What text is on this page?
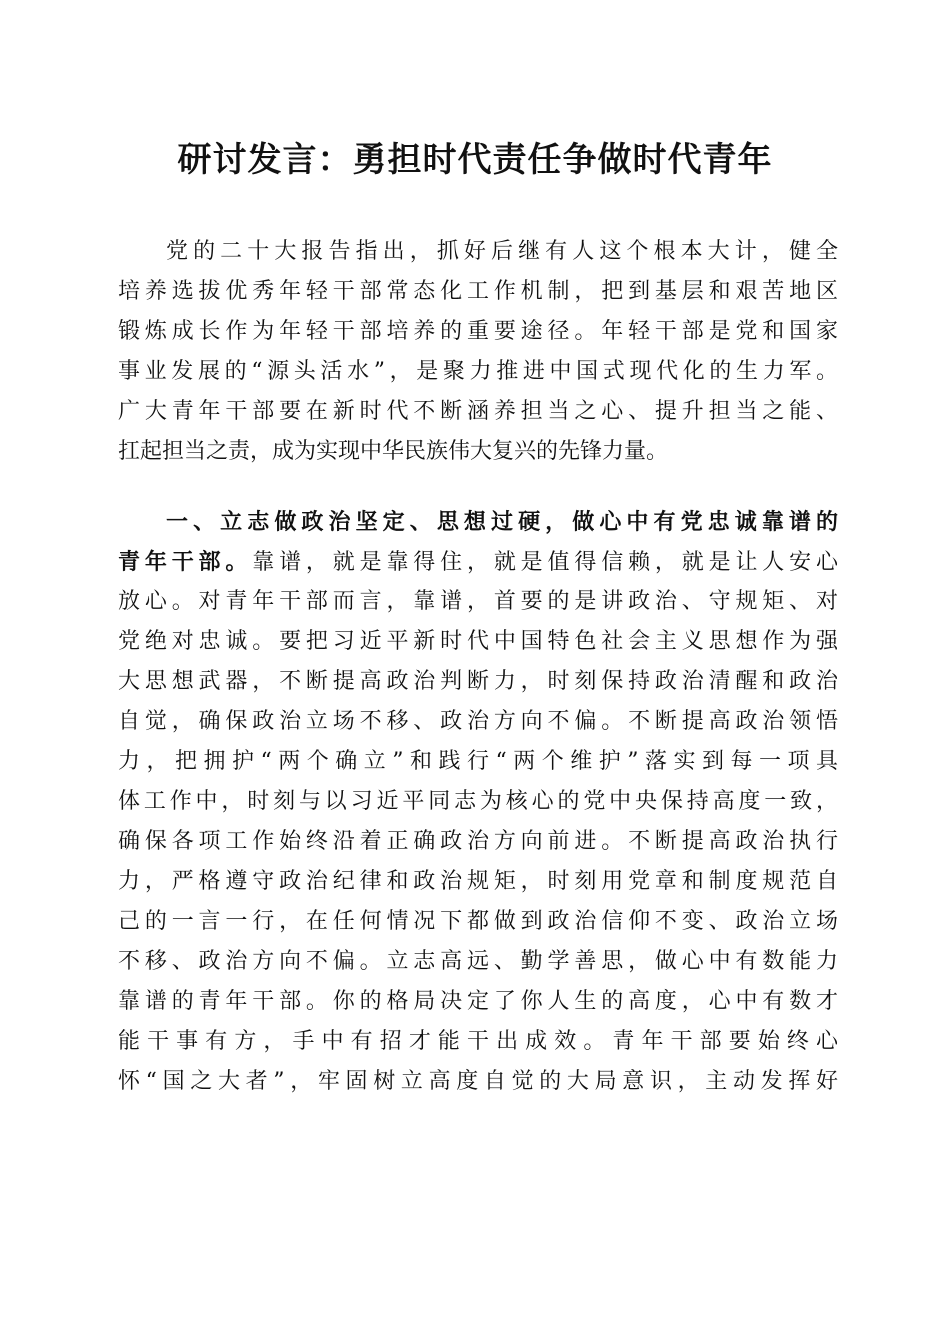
研讨发言：勇担时代责任争做时代青年
党的二十大报告指出，抓好后继有人这个根本大计，健全
培养选拔优秀年轻干部常态化工作机制，把到基层和艰苦地区
锻炼成长作为年轻干部培养的重要途径。年轻干部是党和国家
事业发展的“源头活水”，是聚力推进中国式现代化的生力军。
广大青年干部要在新时代不断涵养担当之心、提升担当之能、
扛起担当之责，成为实现中华民族伟大复兴的先锋力量。
一、立志做政治坚定、思想过硬，做心中有党忠诚靠谱的
青年干部。靠谱，就是靠得住，就是值得信赖，就是让人安心
放心。对青年干部而言，靠谱，首要的是讲政治、守规矩、对
党绝对忠诚。要把习近平新时代中国特色社会主义思想作为强
大思想武器，不断提高政治判断力，时刻保持政治清醒和政治
自觉，确保政治立场不移、政治方向不偏。不断提高政治领悟
力，把拥护“两个确立”和践行“两个维护”落实到每一项具
体工作中，时刻与以习近平同志为核心的党中央保持高度一致，
确保各项工作始终沿着正确政治方向前进。不断提高政治执行
力，严格遵守政治纪律和政治规矩，时刻用党章和制度规范自
己的一言一行，在任何情况下都做到政治信仰不变、政治立场
不移、政治方向不偏。立志高远、勤学善思，做心中有数能力
靠谱的青年干部。你的格局决定了你人生的高度，心中有数才
能干事有方，手中有招才能干出成效。青年干部要始终心
怀“国之大者”，牢固树立高度自觉的大局意识，主动发挥好
